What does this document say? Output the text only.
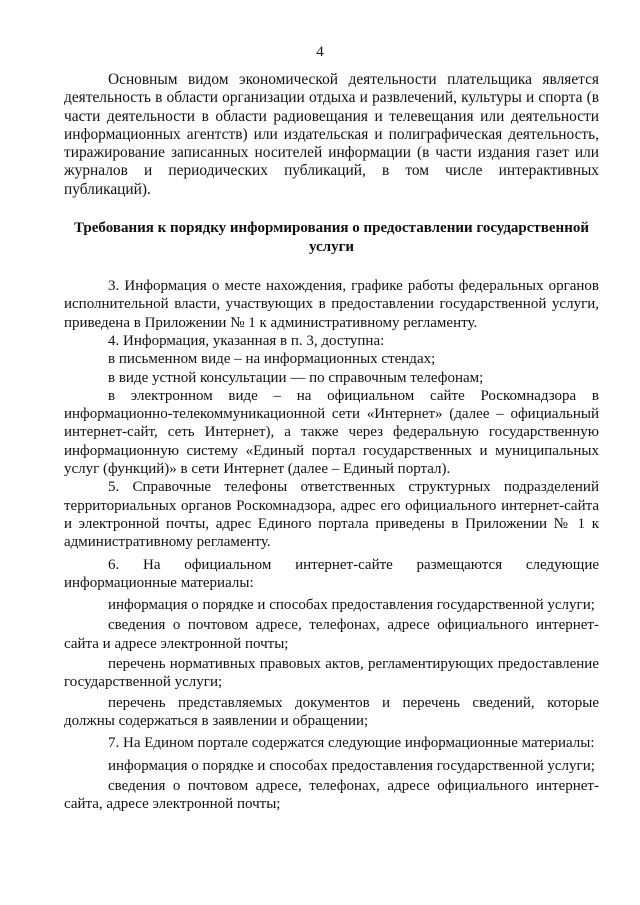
4

Основным видом экономической деятельности плательщика является деятельность в области организации отдыха и развлечений, культуры и спорта (в части деятельности в области радиовещания и телевещания или деятельности информационных агентств) или издательская и полиграфическая деятельность, тиражирование записанных носителей информации (в части издания газет или журналов и периодических публикаций, в том числе интерактивных публикаций).

Требования к порядку информирования о предоставлении государственной услуги

3. Информация о месте нахождения, графике работы федеральных органов исполнительной власти, участвующих в предоставлении государственной услуги, приведена в Приложении № 1 к административному регламенту.

4. Информация, указанная в п. 3, доступна:

в письменном виде – на информационных стендах;

в виде устной консультации — по справочным телефонам;

в электронном виде – на официальном сайте Роскомнадзора в информационно-телекоммуникационной сети «Интернет» (далее – официальный интернет-сайт, сеть Интернет), а также через федеральную государственную информационную систему «Единый портал государственных и муниципальных услуг (функций)» в сети Интернет (далее – Единый портал).

5. Справочные телефоны ответственных структурных подразделений территориальных органов Роскомнадзора, адрес его официального интернет-сайта и электронной почты, адрес Единого портала приведены в Приложении № 1 к административному регламенту.

6. На официальном интернет-сайте размещаются следующие информационные материалы:

информация о порядке и способах предоставления государственной услуги;

сведения о почтовом адресе, телефонах, адресе официального интернет-сайта и адресе электронной почты;

перечень нормативных правовых актов, регламентирующих предоставление государственной услуги;

перечень представляемых документов и перечень сведений, которые должны содержаться в заявлении и обращении;

7. На Едином портале содержатся следующие информационные материалы:

информация о порядке и способах предоставления государственной услуги;

сведения о почтовом адресе, телефонах, адресе официального интернет-сайта, адресе электронной почты;
